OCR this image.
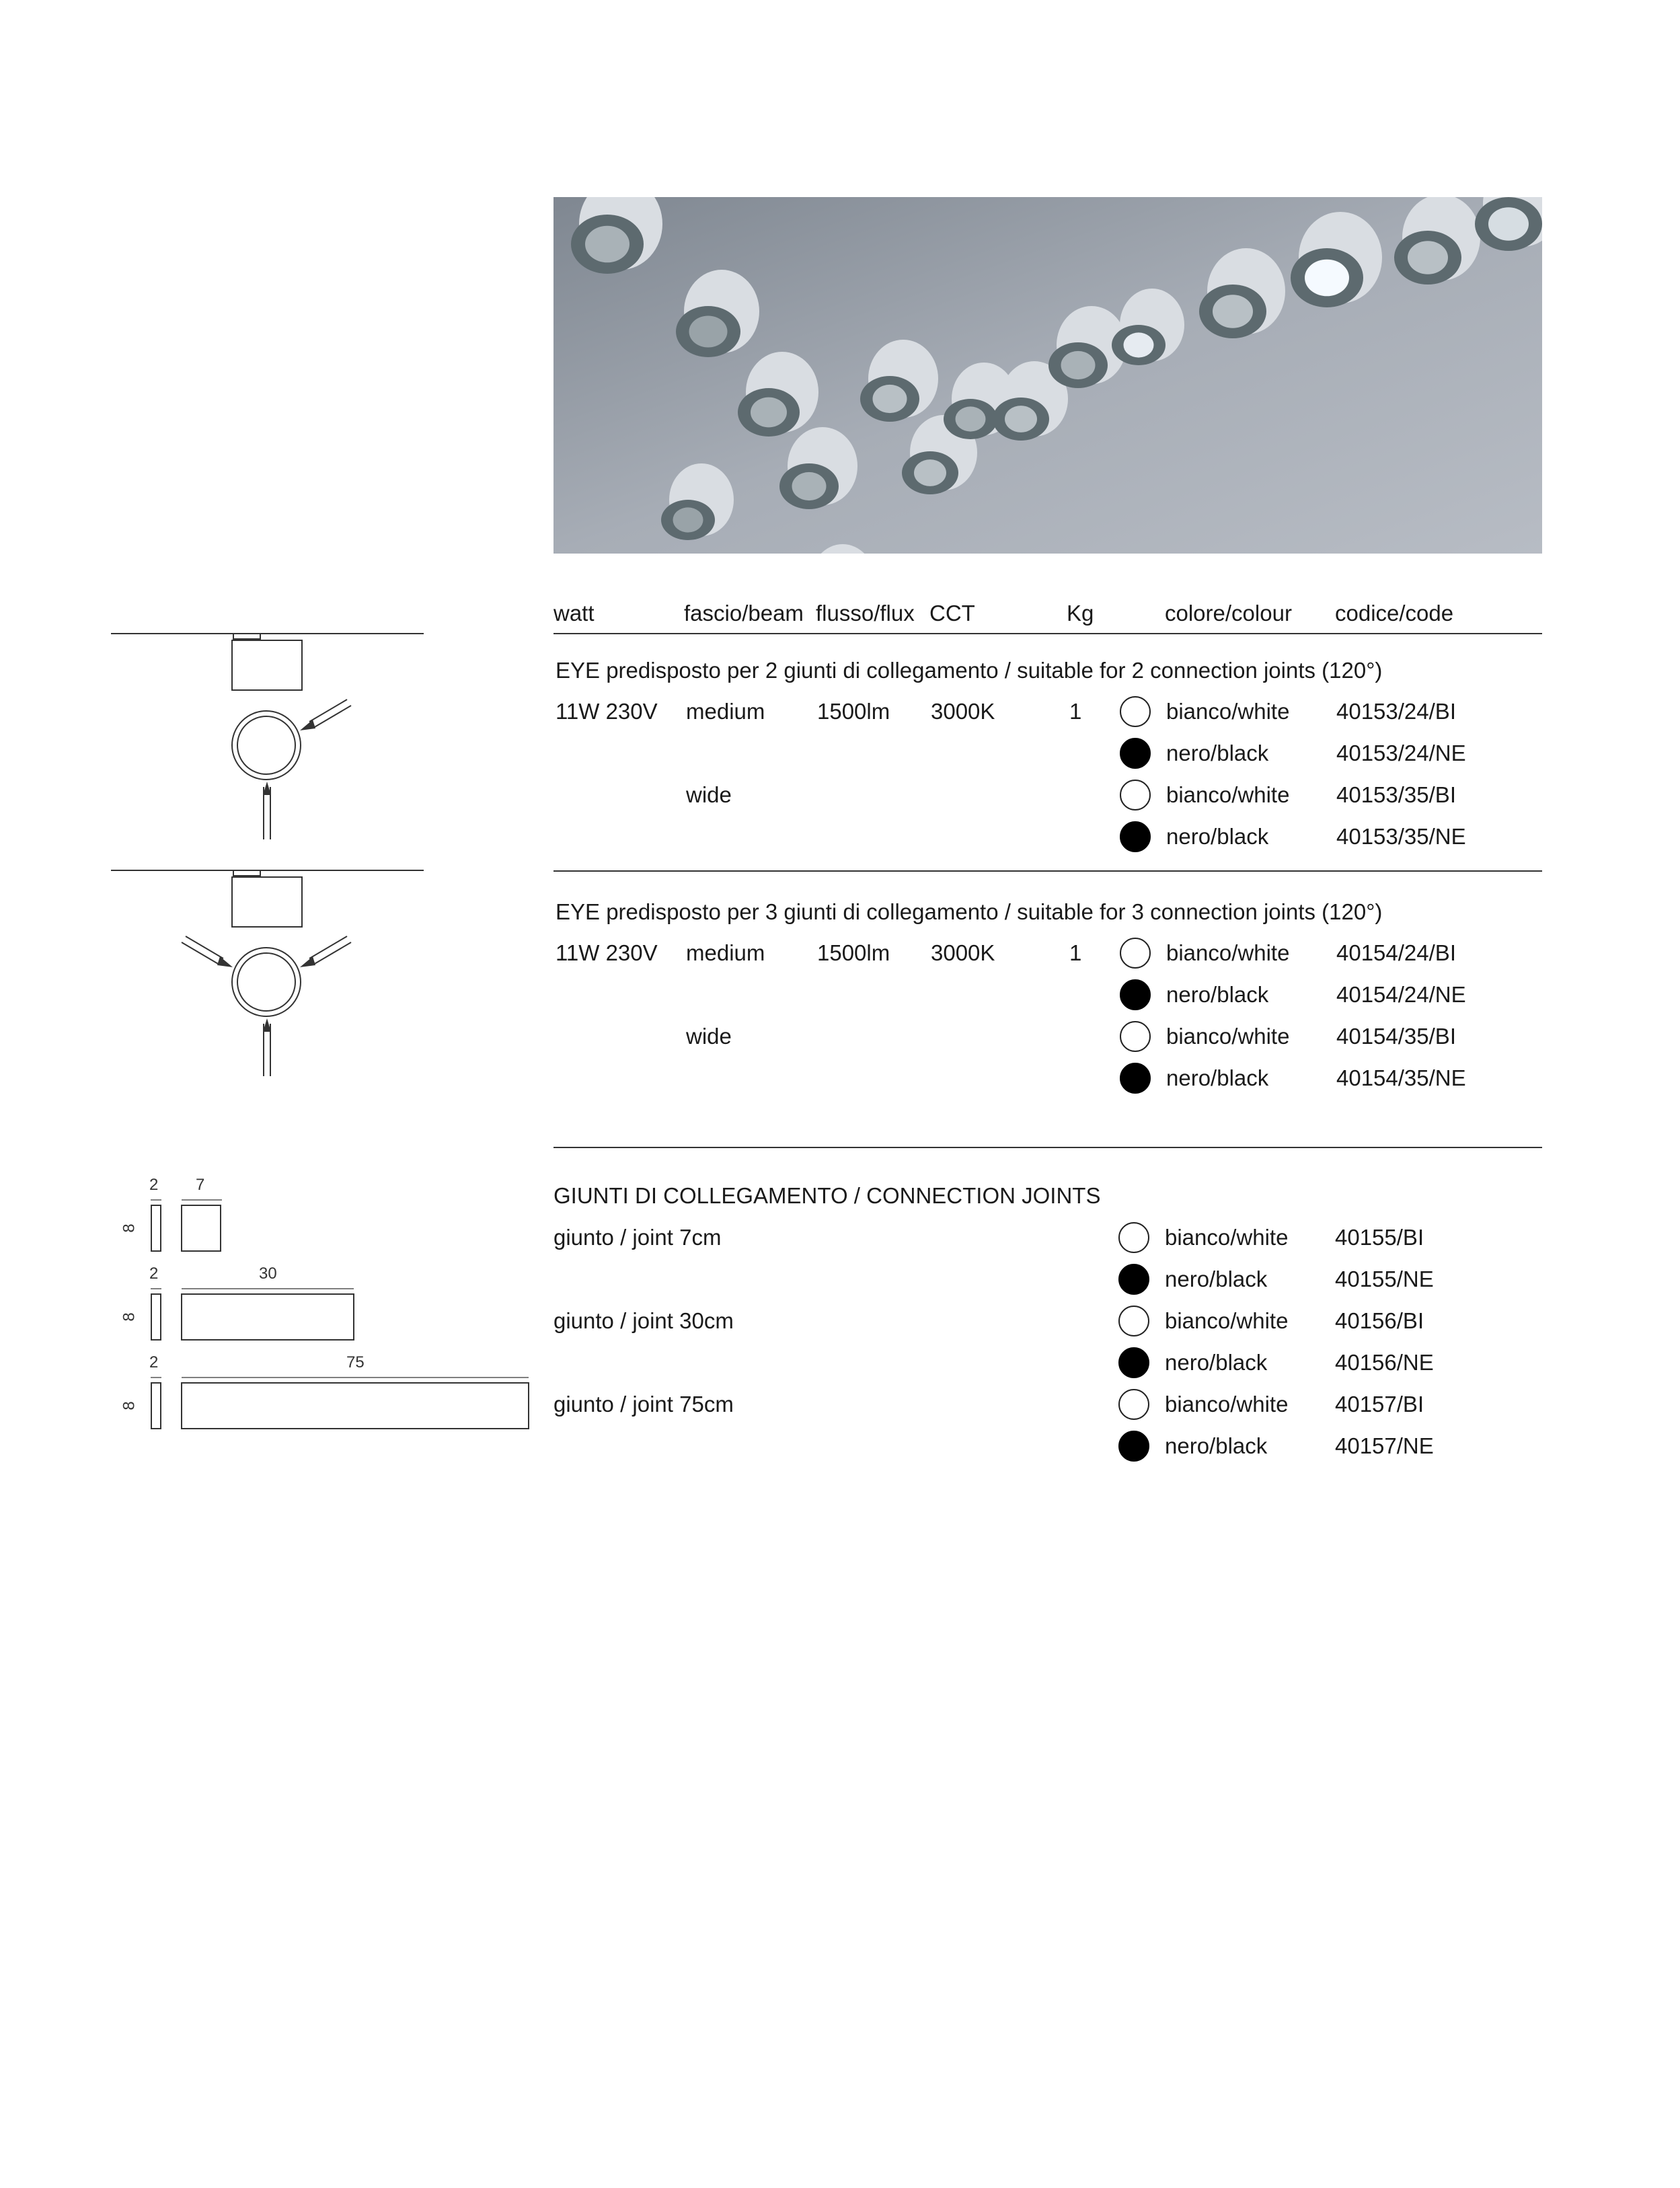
watt	fascio/beam flusso/flux CCT	Kg	colore/colour codice/code
EYE predisposto per 2 giunti di collegamento / suitable for 2 connection joints (120°)
11W 230V medium 1500lm 3000K	1	bianco/white 40153/24/BI
nero/black	40153/24/NE
wide	bianco/white 40153/35/BI
nero/black	40153/35/NE
EYE predisposto per 3 giunti di collegamento / suitable for 3 connection joints (120°)
11W 230V medium 1500lm 3000K	1	bianco/white 40154/24/BI
nero/black	40154/24/NE
wide	bianco/white 40154/35/BI
nero/black	40154/35/NE
GIUNTI DI COLLEGAMENTO / CONNECTION JOINTS
giunto / joint 7cm	bianco/white 40155/BI
nero/black	40155/NE
giunto / joint 30cm	bianco/white 40156/BI
nero/black	40156/NE
giunto / joint 75cm	bianco/white 40157/BI
nero/black	40157/NE
2 7
8
2	30
8
2	75
8
